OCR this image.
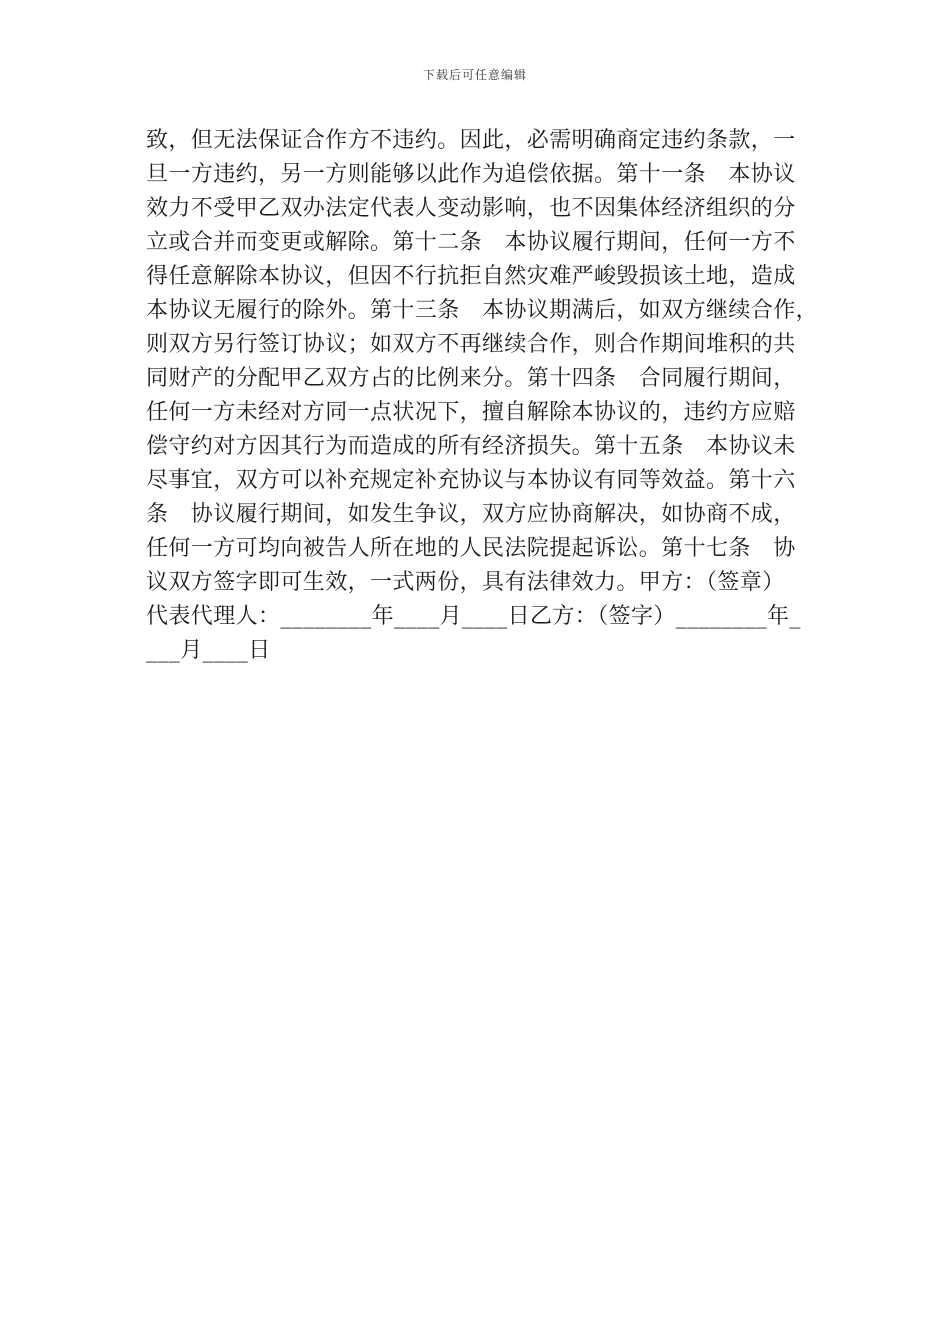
下载后可任意编辑
致，但无法保证合作方不违约。因此，必需明确商定违约条款，一
旦一方违约，另一方则能够以此作为追偿依据。第十一条　本协议
效力不受甲乙双办法定代表人变动影响，也不因集体经济组织的分
立或合并而变更或解除。第十二条　本协议履行期间，任何一方不
得任意解除本协议，但因不行抗拒自然灾难严峻毁损该土地，造成
本协议无履行的除外。第十三条　本协议期满后，如双方继续合作，
则双方另行签订协议；如双方不再继续合作，则合作期间堆积的共
同财产的分配甲乙双方占的比例来分。第十四条　合同履行期间，
任何一方未经对方同一点状况下，擅自解除本协议的，违约方应赔
偿守约对方因其行为而造成的所有经济损失。第十五条　本协议未
尽事宜，双方可以补充规定补充协议与本协议有同等效益。第十六
条　协议履行期间，如发生争议，双方应协商解决，如协商不成，
任何一方可均向被告人所在地的人民法院提起诉讼。第十七条　协
议双方签字即可生效，一式两份，具有法律效力。甲方：（签章）
代表代理人：________年____月____日乙方：（签字）________年_
___月____日
